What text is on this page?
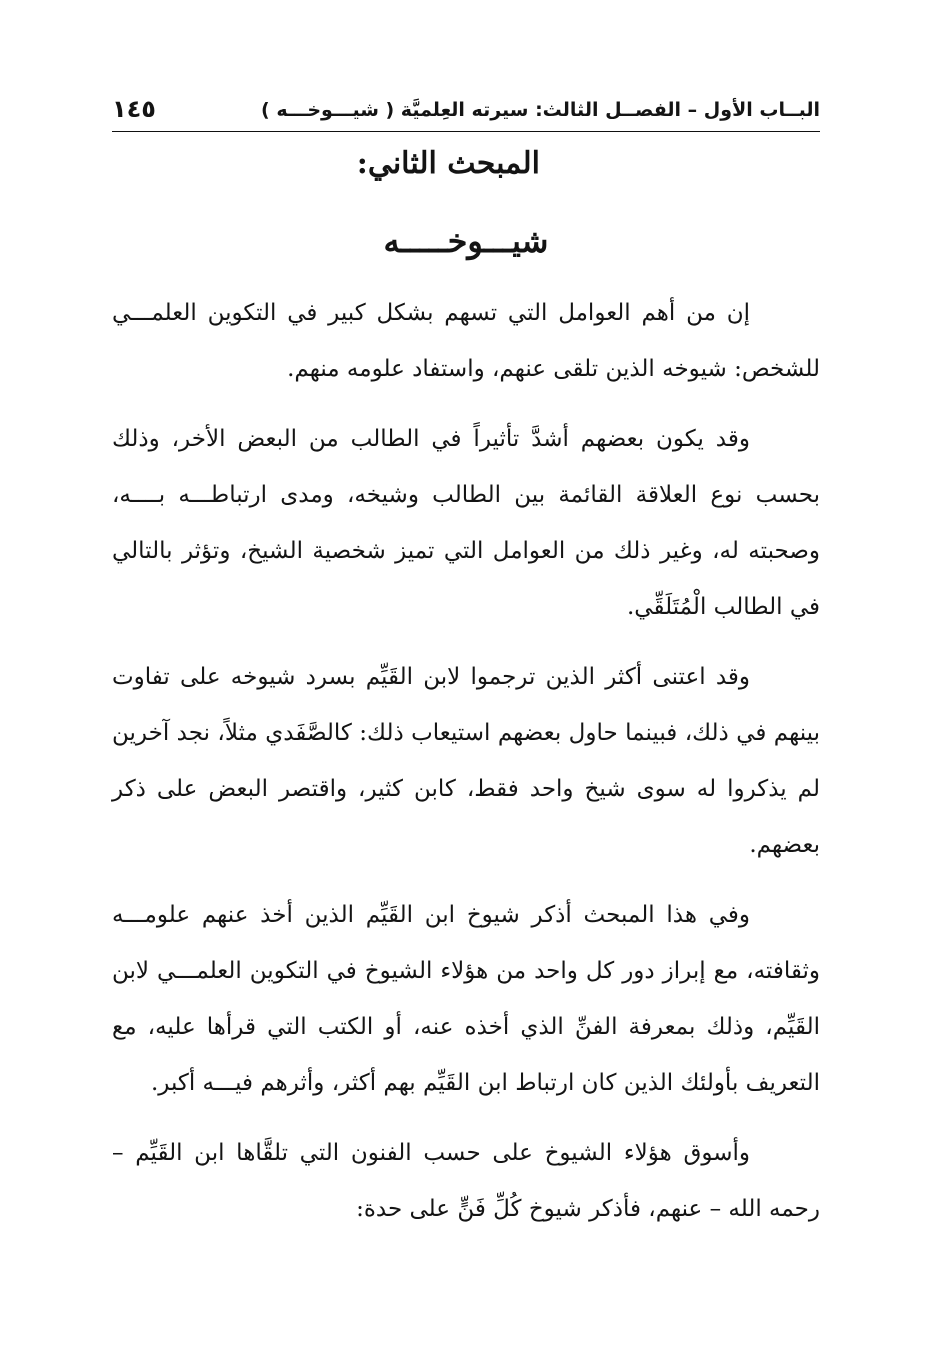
البــاب الأول – الفصــل الثالث: سيرته العِلميَّة ( شيـــوخـــه )
١٤٥
المبحث الثاني:
شيـــوخـــــه

إن من أهم العوامل التي تسهم بشكل كبير في التكوين العلمـــي للشخص: شيوخه الذين تلقى عنهم، واستفاد علومه منهم.

وقد يكون بعضهم أشدَّ تأثيراً في الطالب من البعض الأخر، وذلك بحسب نوع العلاقة القائمة بين الطالب وشيخه، ومدى ارتباطـــه بــــه، وصحبته له، وغير ذلك من العوامل التي تميز شخصية الشيخ، وتؤثر بالتالي في الطالب الْمُتَلَقِّي.

وقد اعتنى أكثر الذين ترجموا لابن القَيِّم بسرد شيوخه على تفاوت بينهم في ذلك، فبينما حاول بعضهم استيعاب ذلك: كالصَّفَدي مثلاً، نجد آخرين لم يذكروا له سوى شيخ واحد فقط، كابن كثير، واقتصر البعض على ذكر بعضهم.

وفي هذا المبحث أذكر شيوخ ابن القَيِّم الذين أخذ عنهم علومـــه وثقافته، مع إبراز دور كل واحد من هؤلاء الشيوخ في التكوين العلمـــي لابن القَيِّم، وذلك بمعرفة الفنِّ الذي أخذه عنه، أو الكتب التي قرأها عليه، مع التعريف بأولئك الذين كان ارتباط ابن القَيِّم بهم أكثر، وأثرهم فيـــه أكبر.

وأسوق هؤلاء الشيوخ على حسب الفنون التي تلقَّاها ابن القَيِّم – رحمه الله – عنهم، فأذكر شيوخ كُلِّ فَنٍّ على حدة:
